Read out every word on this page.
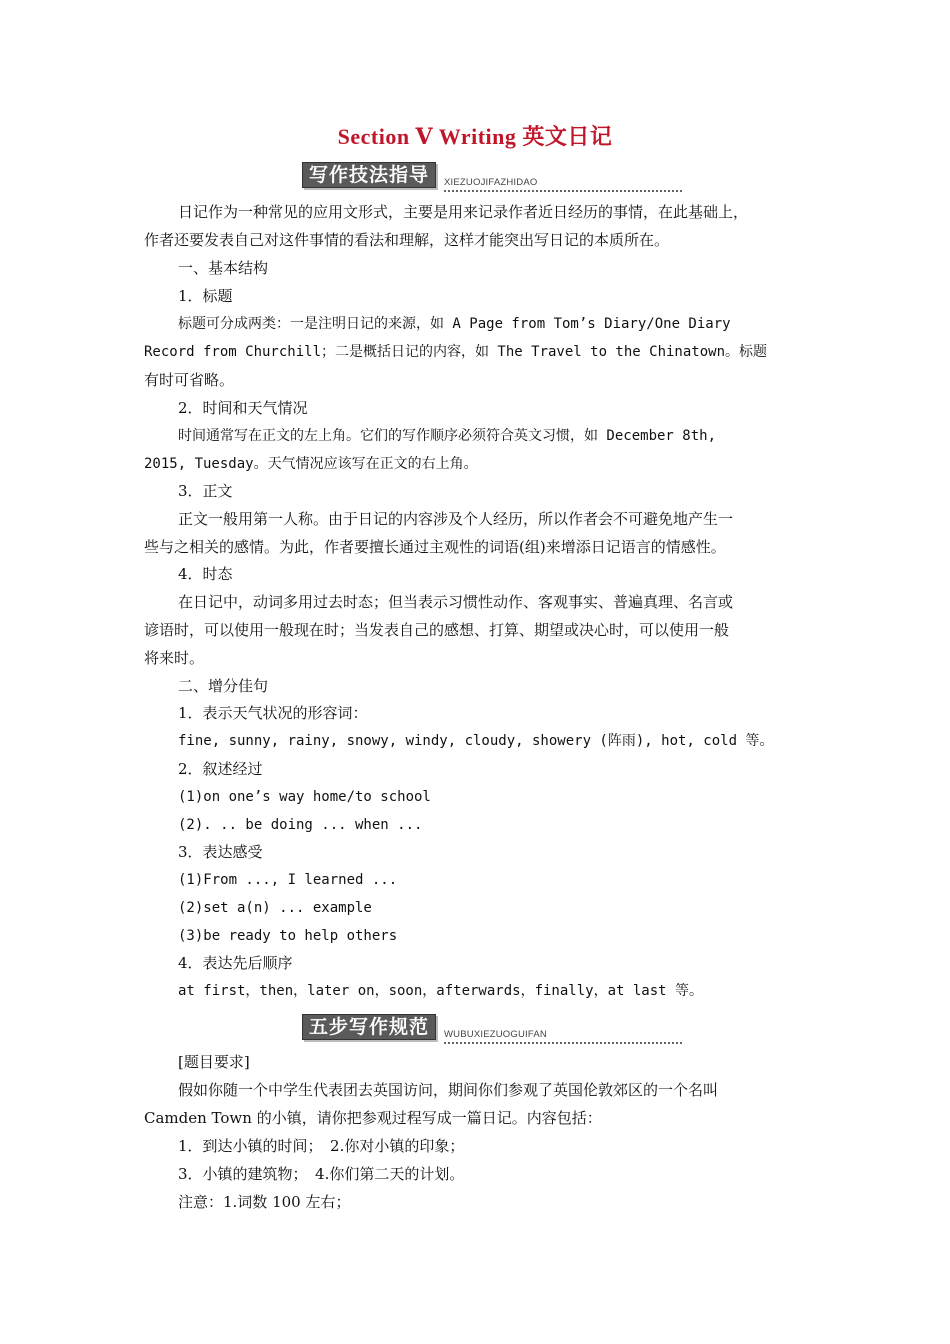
Section Ⅴ Writing 英文日记
写作技法指导	XIEZUOJIFAZHIDAO
日记作为一种常见的应用文形式，主要是用来记录作者近日经历的事情，在此基础上，
作者还要发表自己对这件事情的看法和理解，这样才能突出写日记的本质所在。
一、基本结构
1．标题
标题可分成两类：一是注明日记的来源，如 A Page from Tom’s Diary/One Diary
Record from Churchill；二是概括日记的内容，如 The Travel to the Chinatown。标题
有时可省略。
2．时间和天气情况
时间通常写在正文的左上角。它们的写作顺序必须符合英文习惯，如 December 8th,
2015, Tuesday。天气情况应该写在正文的右上角。
3．正文
正文一般用第一人称。由于日记的内容涉及个人经历，所以作者会不可避免地产生一
些与之相关的感情。为此，作者要擅长通过主观性的词语(组)来增添日记语言的情感性。
4．时态
在日记中，动词多用过去时态；但当表示习惯性动作、客观事实、普遍真理、名言或
谚语时，可以使用一般现在时；当发表自己的感想、打算、期望或决心时，可以使用一般
将来时。
二、增分佳句
1．表示天气状况的形容词：
fine, sunny, rainy, snowy, windy, cloudy, showery (阵雨), hot, cold 等。
2．叙述经过
(1)on one’s way home/to school
(2). .. be doing ... when ...
3．表达感受
(1)From ..., I learned ...
(2)set a(n) ... example
(3)be ready to help others
4．表达先后顺序
at first，then，later on，soon，afterwards，finally，at last 等。
五步写作规范	WUBUXIEZUOGUIFAN
[题目要求]
假如你随一个中学生代表团去英国访问，期间你们参观了英国伦敦郊区的一个名叫
Camden Town 的小镇，请你把参观过程写成一篇日记。内容包括：
1．到达小镇的时间；　2.你对小镇的印象；
3．小镇的建筑物；　4.你们第二天的计划。
注意：1.词数 100 左右；
